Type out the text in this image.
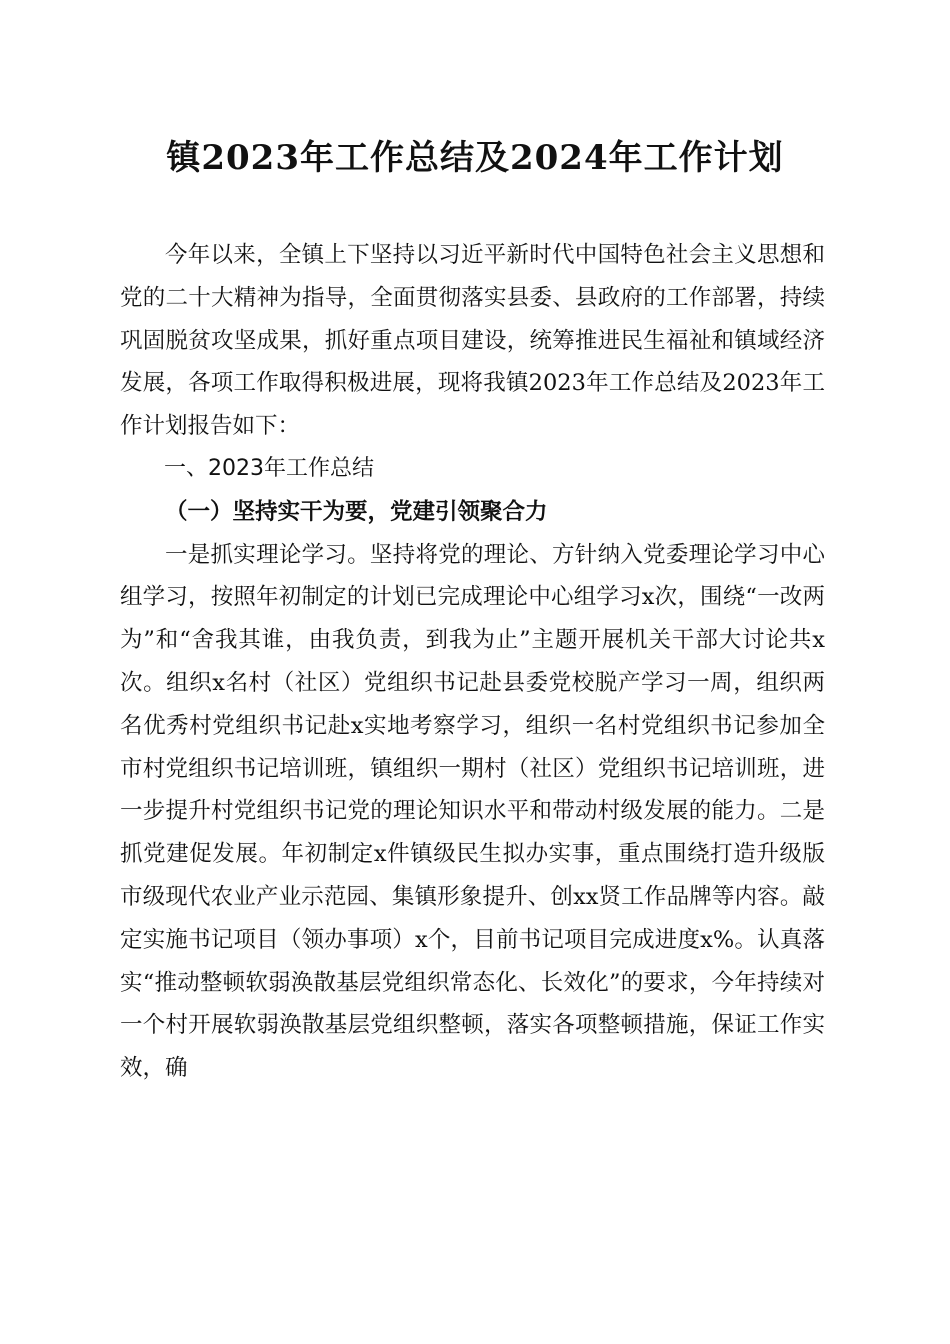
镇2023年工作总结及2024年工作计划

今年以来，全镇上下坚持以习近平新时代中国特色社会主义思想和党的二十大精神为指导，全面贯彻落实县委、县政府的工作部署，持续巩固脱贫攻坚成果，抓好重点项目建设，统筹推进民生福祉和镇域经济发展，各项工作取得积极进展，现将我镇2023年工作总结及2023年工作计划报告如下：

一、2023年工作总结

（一）坚持实干为要，党建引领聚合力

一是抓实理论学习。坚持将党的理论、方针纳入党委理论学习中心组学习，按照年初制定的计划已完成理论中心组学习x次，围绕“一改两为”和“舍我其谁，由我负责，到我为止”主题开展机关干部大讨论共x次。组织x名村（社区）党组织书记赴县委党校脱产学习一周，组织两名优秀村党组织书记赴x实地考察学习，组织一名村党组织书记参加全市村党组织书记培训班，镇组织一期村（社区）党组织书记培训班，进一步提升村党组织书记党的理论知识水平和带动村级发展的能力。二是抓党建促发展。年初制定x件镇级民生拟办实事，重点围绕打造升级版市级现代农业产业示范园、集镇形象提升、创xx贤工作品牌等内容。敲定实施书记项目（领办事项）x个，目前书记项目完成进度x%。认真落实“推动整顿软弱涣散基层党组织常态化、长效化”的要求，今年持续对一个村开展软弱涣散基层党组织整顿，落实各项整顿措施，保证工作实效，确
